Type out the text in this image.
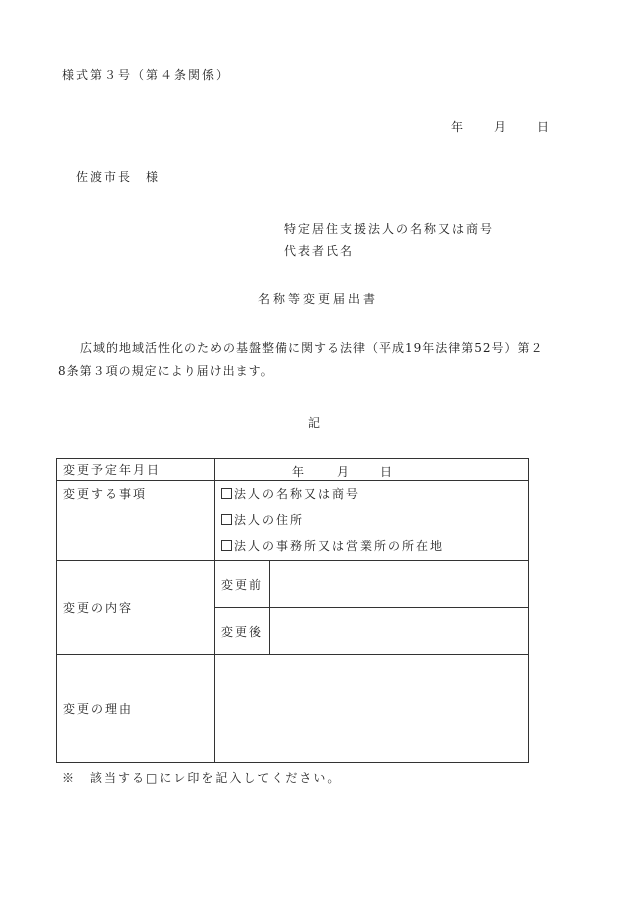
様式第３号（第４条関係）
年	月	日
佐渡市長　様
特定居住支援法人の名称又は商号
代表者氏名
名称等変更届出書
広域的地域活性化のための基盤整備に関する法律（平成19年法律第52号）第２
8条第３項の規定により届け出ます。
記
変更予定年月日	年 月 日	

変更する事項	法人の名称又は商号
法人の住所
法人の事務所又は営業所の所在地	

変更の内容	変更前	
	変更後	
変更の理由		
※　該当する□にレ印を記入してください。
